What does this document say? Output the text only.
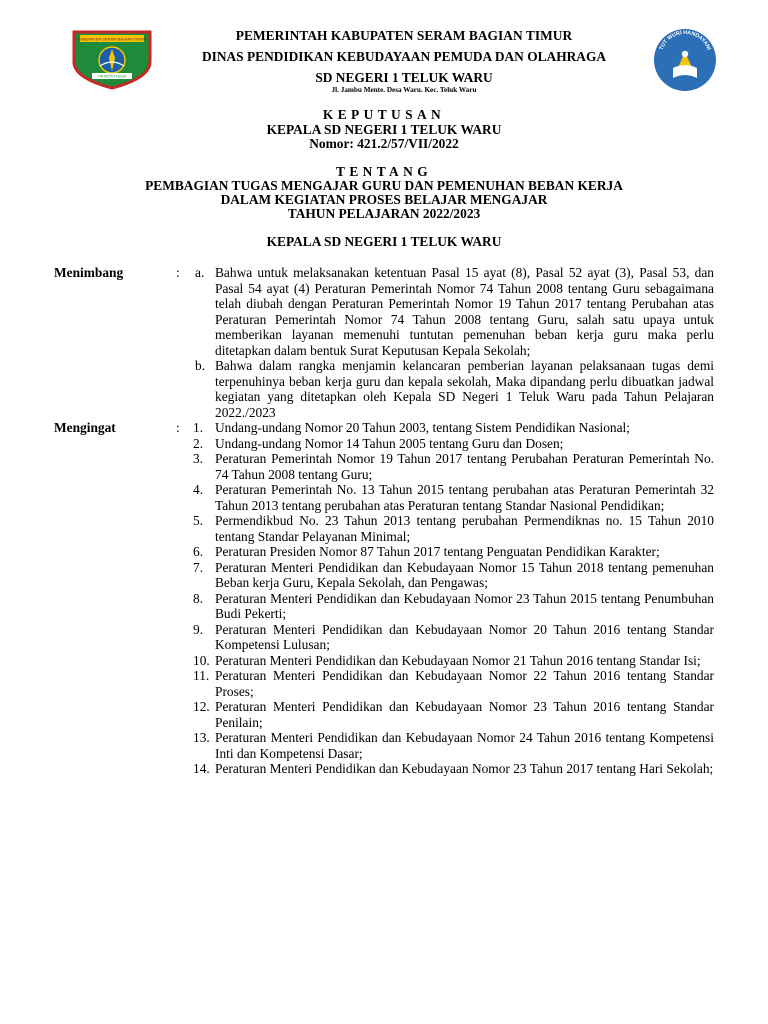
KABUPATEN SERAM BAGIAN TIMUR
ITA WOTU NUSA
PEMERINTAH KABUPATEN SERAM BAGIAN TIMUR
DINAS PENDIDIKAN KEBUDAYAAN PEMUDA DAN OLAHRAGA
SD NEGERI 1 TELUK WARU
Jl. Jambu Mente. Desa Waru. Kec. Teluk Waru
TUT WURI HANDAYANI
KEPUTUSAN
KEPALA SD NEGERI 1 TELUK WARU
Nomor: 421.2/57/VII/2022
TENTANG
PEMBAGIAN TUGAS MENGAJAR GURU DAN PEMENUHAN BEBAN KERJA
DALAM KEGIATAN PROSES BELAJAR MENGAJAR
TAHUN PELAJARAN 2022/2023
KEPALA SD NEGERI 1 TELUK WARU
Menimbang	: a. Bahwa untuk melaksanakan ketentuan Pasal 15 ayat (8), Pasal 52 ayat (3), Pasal 53, dan Pasal 54 ayat (4) Peraturan Pemerintah Nomor 74 Tahun 2008 tentang Guru sebagaimana telah diubah dengan Peraturan Pemerintah Nomor 19 Tahun 2017 tentang Perubahan atas Peraturan Pemerintah Nomor 74 Tahun 2008 tentang Guru, salah satu upaya untuk memberikan layanan memenuhi tuntutan pemenuhan beban kerja guru maka perlu ditetapkan dalam bentuk Surat Keputusan Kepala Sekolah;
b. Bahwa dalam rangka menjamin kelancaran pemberian layanan pelaksanaan tugas demi terpenuhinya beban kerja guru dan kepala sekolah, Maka dipandang perlu dibuatkan jadwal kegiatan yang ditetapkan oleh Kepala SD Negeri 1 Teluk Waru pada Tahun Pelajaran 2022./2023
Mengingat	: 1. Undang-undang Nomor 20 Tahun 2003, tentang Sistem Pendidikan Nasional;
2. Undang-undang Nomor 14 Tahun 2005 tentang Guru dan Dosen;
3. Peraturan Pemerintah Nomor 19 Tahun 2017 tentang Perubahan Peraturan Pemerintah No. 74 Tahun 2008 tentang Guru;
4. Peraturan Pemerintah No. 13 Tahun 2015 tentang perubahan atas Peraturan Pemerintah 32 Tahun 2013 tentang perubahan atas Peraturan tentang Standar Nasional Pendidikan;
5. Permendikbud No. 23 Tahun 2013 tentang perubahan Permendiknas no. 15 Tahun 2010 tentang Standar Pelayanan Minimal;
6. Peraturan Presiden Nomor 87 Tahun 2017 tentang Penguatan Pendidikan Karakter;
7. Peraturan Menteri Pendidikan dan Kebudayaan Nomor 15 Tahun 2018 tentang pemenuhan Beban kerja Guru, Kepala Sekolah, dan Pengawas;
8. Peraturan Menteri Pendidikan dan Kebudayaan Nomor 23 Tahun 2015 tentang Penumbuhan Budi Pekerti;
9. Peraturan Menteri Pendidikan dan Kebudayaan Nomor 20 Tahun 2016 tentang Standar Kompetensi Lulusan;
10. Peraturan Menteri Pendidikan dan Kebudayaan Nomor 21 Tahun 2016 tentang Standar Isi;
11. Peraturan Menteri Pendidikan dan Kebudayaan Nomor 22 Tahun 2016 tentang Standar Proses;
12. Peraturan Menteri Pendidikan dan Kebudayaan Nomor 23 Tahun 2016 tentang Standar Penilain;
13. Peraturan Menteri Pendidikan dan Kebudayaan Nomor 24 Tahun 2016 tentang Kompetensi Inti dan Kompetensi Dasar;
14. Peraturan Menteri Pendidikan dan Kebudayaan Nomor 23 Tahun 2017 tentang Hari Sekolah;
